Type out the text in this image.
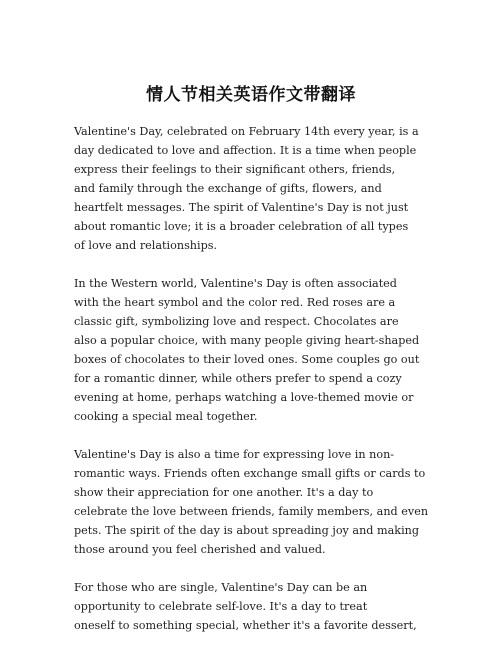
情人节相关英语作文带翻译

Valentine's Day, celebrated on February 14th every year, is a
day dedicated to love and affection. It is a time when people
express their feelings to their significant others, friends,
and family through the exchange of gifts, flowers, and
heartfelt messages. The spirit of Valentine's Day is not just
about romantic love; it is a broader celebration of all types
of love and relationships.

In the Western world, Valentine's Day is often associated
with the heart symbol and the color red. Red roses are a
classic gift, symbolizing love and respect. Chocolates are
also a popular choice, with many people giving heart-shaped
boxes of chocolates to their loved ones. Some couples go out
for a romantic dinner, while others prefer to spend a cozy
evening at home, perhaps watching a love-themed movie or
cooking a special meal together.

Valentine's Day is also a time for expressing love in non-
romantic ways. Friends often exchange small gifts or cards to
show their appreciation for one another. It's a day to
celebrate the love between friends, family members, and even
pets. The spirit of the day is about spreading joy and making
those around you feel cherished and valued.

For those who are single, Valentine's Day can be an
opportunity to celebrate self-love. It's a day to treat
oneself to something special, whether it's a favorite dessert,
